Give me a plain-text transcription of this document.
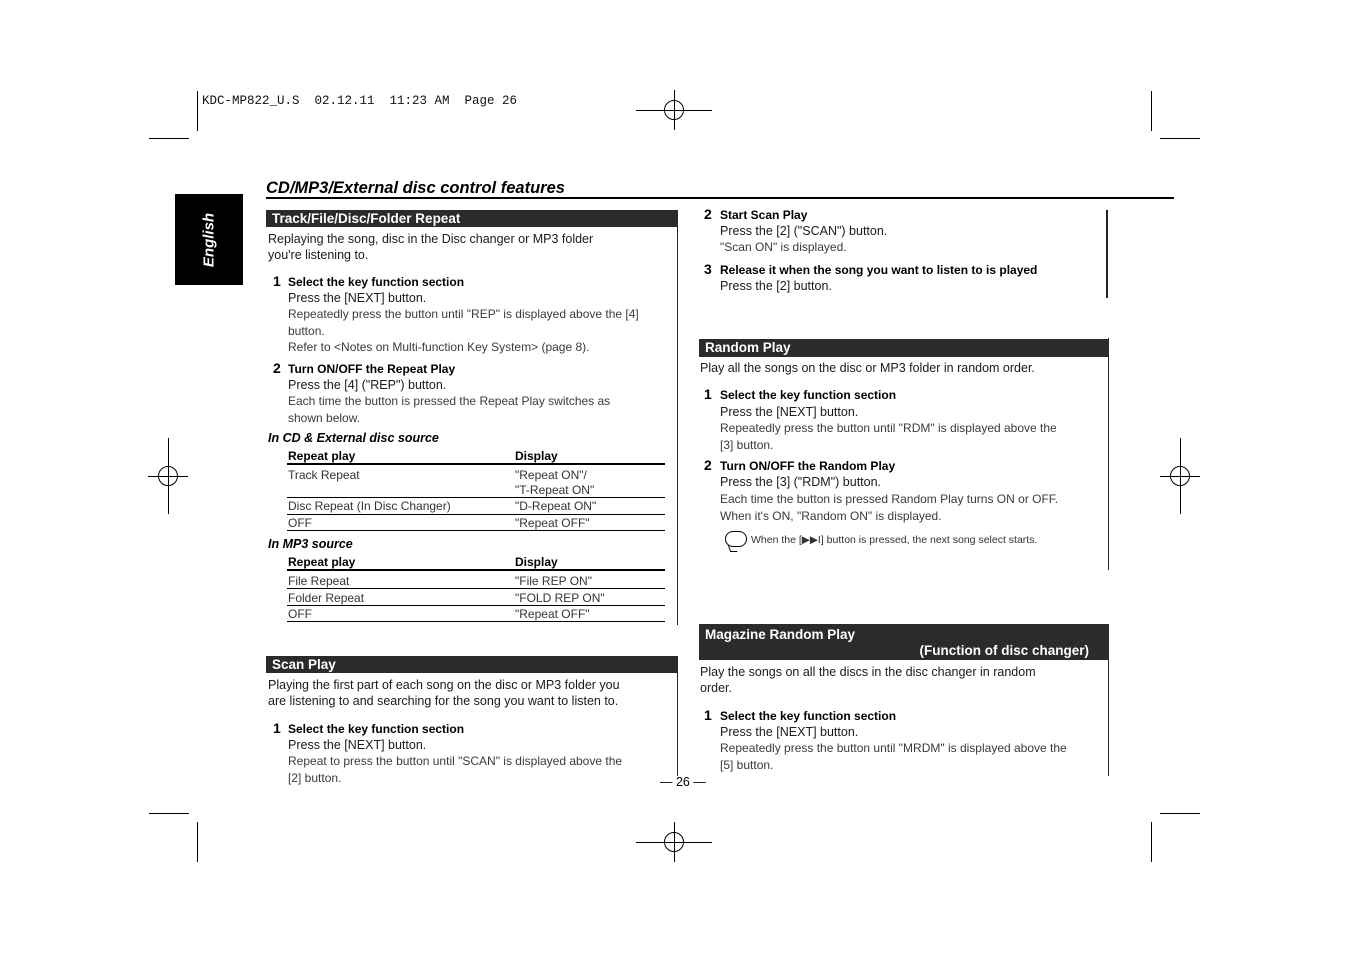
KDC-MP822_U.S  02.12.11  11:23 AM  Page 26
English
CD/MP3/External disc control features
Track/File/Disc/Folder Repeat
Replaying the song, disc in the Disc changer or MP3 folder
you're listening to.
1 Select the key function section
Press the [NEXT] button.
Repeatedly press the button until "REP" is displayed above the [4]
button.
Refer to <Notes on Multi-function Key System> (page 8).
2 Turn ON/OFF the Repeat Play
Press the [4] ("REP") button.
Each time the button is pressed the Repeat Play switches as
shown below.
In CD & External disc source
Repeat play	Display
Track Repeat	"Repeat ON"/
"T-Repeat ON"
Disc Repeat (In Disc Changer)	"D-Repeat ON"
OFF	"Repeat OFF"
In MP3 source
Repeat play	Display
File Repeat	"File REP ON"
Folder Repeat	"FOLD REP ON"
OFF	"Repeat OFF"
Scan Play
Playing the first part of each song on the disc or MP3 folder you
are listening to and searching for the song you want to listen to.
1 Select the key function section
Press the [NEXT] button.
Repeat to press the button until "SCAN" is displayed above the
[2] button.
2 Start Scan Play
Press the [2] ("SCAN") button.
"Scan ON" is displayed.
3 Release it when the song you want to listen to is played
Press the [2] button.
Random Play
Play all the songs on the disc or MP3 folder in random order.
1 Select the key function section
Press the [NEXT] button.
Repeatedly press the button until "RDM" is displayed above the
[3] button.
2 Turn ON/OFF the Random Play
Press the [3] ("RDM") button.
Each time the button is pressed Random Play turns ON or OFF.
When it's ON, "Random ON" is displayed.
When the [▶▶I] button is pressed, the next song select starts.
Magazine Random Play
(Function of disc changer)
Play the songs on all the discs in the disc changer in random
order.
1 Select the key function section
Press the [NEXT] button.
Repeatedly press the button until "MRDM" is displayed above the
[5] button.
— 26 —
